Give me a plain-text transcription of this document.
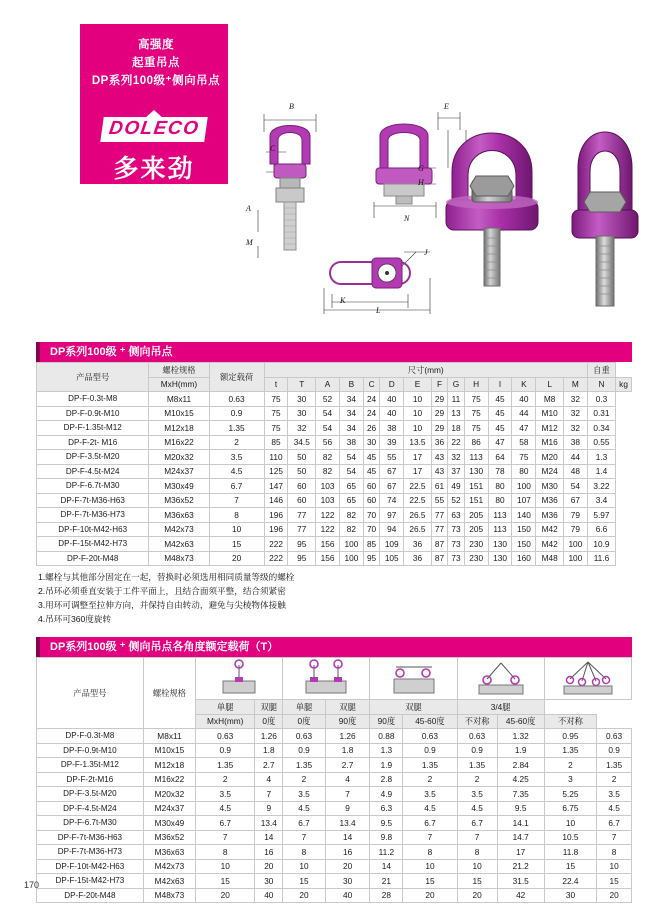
高强度
起重吊点
DP系列100级⁺侧向吊点
DOLECO
多来劲
B
C
A
M
E
G
H
N
K
L
J
DP系列100级 ⁺ 侧向吊点
产品型号	螺栓规格	额定载荷	尺寸(mm)														自重	
	MxH(mm)		t	T	A	B	C	D	E	F	G	H	I	K	L	M	N	kg
DP-F-0.3t-M8	M8x11	0.63	75	30	52	34	24	40	10	29	11	75	45	40	M8	32	0.3	
DP-F-0.9t-M10	M10x15	0.9	75	30	54	34	24	40	10	29	13	75	45	44	M10	32	0.31	
DP-F-1.35t-M12	M12x18	1.35	75	32	54	34	26	38	10	29	18	75	45	47	M12	32	0.34	
DP-F-2t- M16	M16x22	2	85	34.5	56	38	30	39	13.5	36	22	86	47	58	M16	38	0.55	
DP-F-3.5t-M20	M20x32	3.5	110	50	82	54	45	55	17	43	32	113	64	75	M20	44	1.3	
DP-F-4.5t-M24	M24x37	4.5	125	50	82	54	45	67	17	43	37	130	78	80	M24	48	1.4	
DP-F-6.7t-M30	M30x49	6.7	147	60	103	65	60	67	22.5	61	49	151	80	100	M30	54	3.22	
DP-F-7t-M36-H63	M36x52	7	146	60	103	65	60	74	22.5	55	52	151	80	107	M36	67	3.4	
DP-F-7t-M36-H73	M36x63	8	196	77	122	82	70	97	26.5	77	63	205	113	140	M36	79	5.97	
DP-F-10t-M42-H63	M42x73	10	196	77	122	82	70	94	26.5	77	73	205	113	150	M42	79	6.6	
DP-F-15t-M42-H73	M42x63	15	222	95	156	100	85	109	36	87	73	230	130	150	M42	100	10.9	
DP-F-20t-M48	M48x73	20	222	95	156	100	95	105	36	87	73	230	130	160	M48	100	11.6	
1.螺栓与其他部分固定在一起，替换时必须选用相同质量等级的螺栓
2.吊环必须垂直安装于工件平面上，且结合面须平整，结合须紧密
3.用环可调整至拉伸方向，并保持自由转动，避免与尖棱物体接触
4.吊环可360度旋转
DP系列100级 ⁺ 侧向吊点各角度额定载荷（T）
产品型号	螺栓规格					
		单腿	双腿	单腿	双腿	双腿		3/4腿			
		MxH(mm)	0度	0度	90度	90度	45-60度	不对称	45-60度	不对称	
DP-F-0.3t-M8	M8x11	0.63	1.26	0.63	1.26	0.88	0.63	0.63	1.32	0.95	0.63
DP-F-0.9t-M10	M10x15	0.9	1.8	0.9	1.8	1.3	0.9	0.9	1.9	1.35	0.9
DP-F-1.35t-M12	M12x18	1.35	2.7	1.35	2.7	1.9	1.35	1.35	2.84	2	1.35
DP-F-2t-M16	M16x22	2	4	2	4	2.8	2	2	4.25	3	2
DP-F-3.5t-M20	M20x32	3.5	7	3.5	7	4.9	3.5	3.5	7.35	5.25	3.5
DP-F-4.5t-M24	M24x37	4.5	9	4.5	9	6.3	4.5	4.5	9.5	6.75	4.5
DP-F-6.7t-M30	M30x49	6.7	13.4	6.7	13.4	9.5	6.7	6.7	14.1	10	6.7
DP-F-7t-M36-H63	M36x52	7	14	7	14	9.8	7	7	14.7	10.5	7
DP-F-7t-M36-H73	M36x63	8	16	8	16	11.2	8	8	17	11.8	8
DP-F-10t-M42-H63	M42x73	10	20	10	20	14	10	10	21.2	15	10
DP-F-15t-M42-H73	M42x63	15	30	15	30	21	15	15	31.5	22.4	15
DP-F-20t-M48	M48x73	20	40	20	40	28	20	20	42	30	20
170
